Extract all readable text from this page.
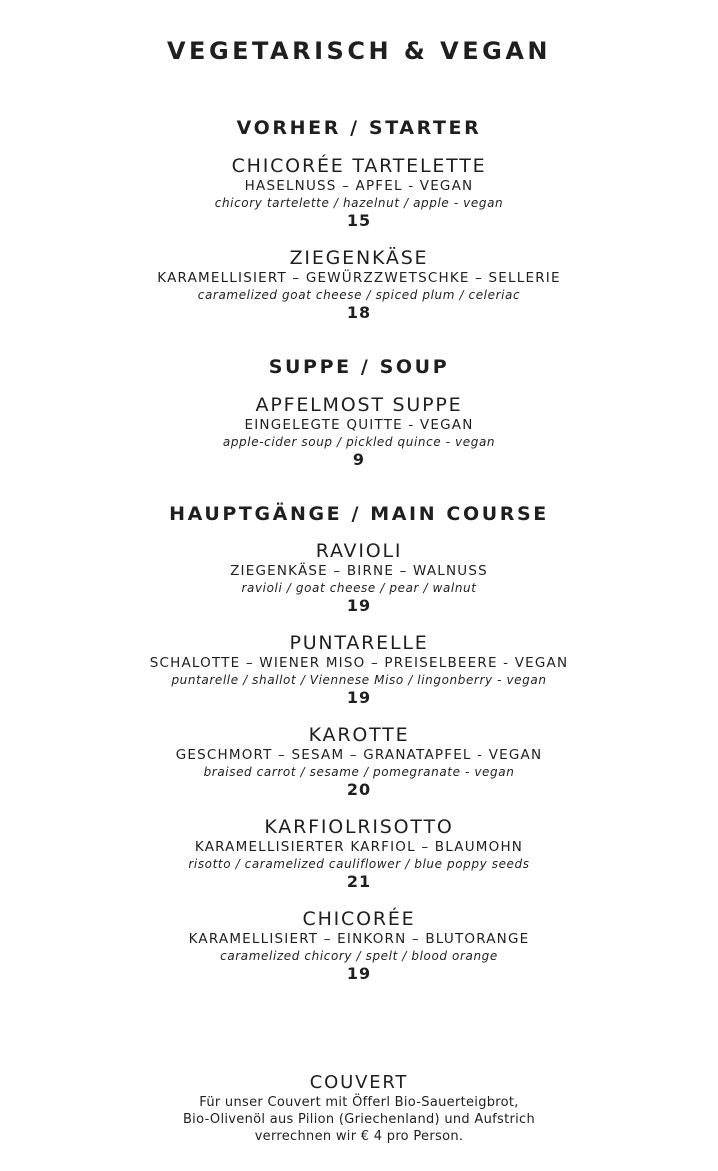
VEGETARISCH & VEGAN
VORHER / STARTER
CHICORÉE TARTELETTE
HASELNUSS – APFEL - VEGAN
chicory tartelette / hazelnut / apple - vegan
15
ZIEGENKÄSE
KARAMELLISIERT – GEWÜRZZWETSCHKE – SELLERIE
caramelized goat cheese / spiced plum / celeriac
18
SUPPE / SOUP
APFELMOST SUPPE
EINGELEGTE QUITTE - VEGAN
apple-cider soup / pickled quince - vegan
9
HAUPTGÄNGE / MAIN COURSE
RAVIOLI
ZIEGENKÄSE – BIRNE – WALNUSS
ravioli / goat cheese / pear / walnut
19
PUNTARELLE
SCHALOTTE – WIENER MISO – PREISELBEERE - VEGAN
puntarelle / shallot / Viennese Miso / lingonberry - vegan
19
KAROTTE
GESCHMORT – SESAM – GRANATAPFEL - VEGAN
braised carrot / sesame / pomegranate - vegan
20
KARFIOLRISOTTO
KARAMELLISIERTER KARFIOL – BLAUMOHN
risotto / caramelized cauliflower / blue poppy seeds
21
CHICORÉE
KARAMELLISIERT – EINKORN – BLUTORANGE
caramelized chicory / spelt / blood orange
19
COUVERT
Für unser Couvert mit Öfferl Bio-Sauerteigbrot,
Bio-Olivenöl aus Pilion (Griechenland) und Aufstrich
verrechnen wir € 4 pro Person.
